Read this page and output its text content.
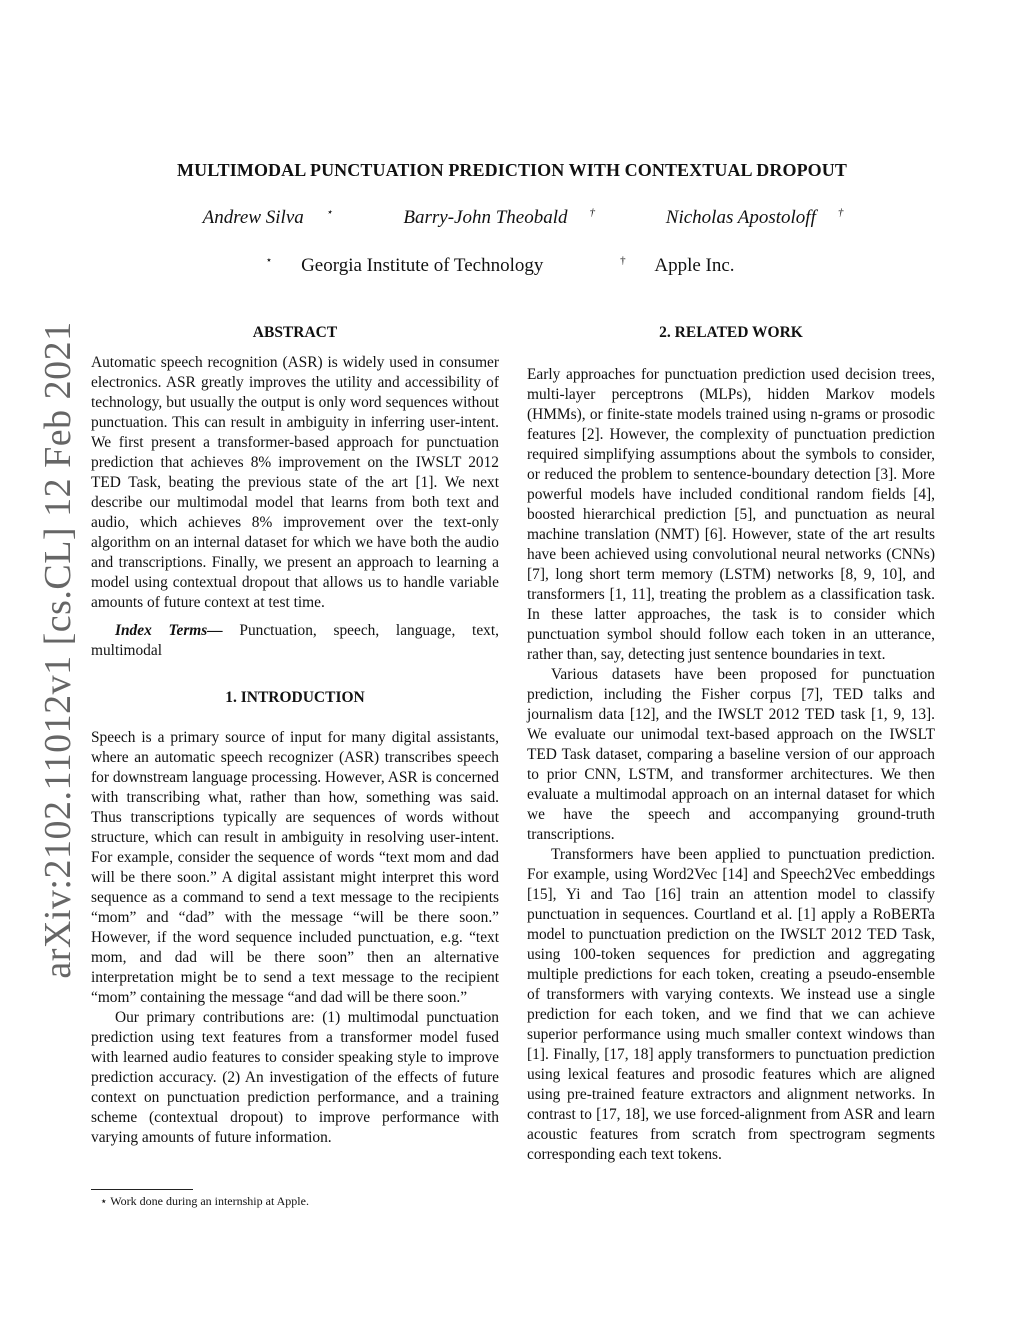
arXiv:2102.11012v1 [cs.CL] 12 Feb 2021
MULTIMODAL PUNCTUATION PREDICTION WITH CONTEXTUAL DROPOUT
Andrew Silva ⋆	Barry-John Theobald †	Nicholas Apostoloff †
⋆ Georgia Institute of Technology	† Apple Inc.

ABSTRACT

Automatic speech recognition (ASR) is widely used in consumer electronics. ASR greatly improves the utility and accessibility of technology, but usually the output is only word sequences without punctuation. This can result in ambiguity in inferring user-intent. We first present a transformer-based approach for punctuation prediction that achieves 8% improvement on the IWSLT 2012 TED Task, beating the previous state of the art [1]. We next describe our multimodal model that learns from both text and audio, which achieves 8% improvement over the text-only algorithm on an internal dataset for which we have both the audio and transcriptions. Finally, we present an approach to learning a model using contextual dropout that allows us to handle variable amounts of future context at test time.

Index Terms— Punctuation, speech, language, text, multimodal

1. INTRODUCTION

Speech is a primary source of input for many digital assistants, where an automatic speech recognizer (ASR) transcribes speech for downstream language processing. However, ASR is concerned with transcribing what, rather than how, something was said. Thus transcriptions typically are sequences of words without structure, which can result in ambiguity in resolving user-intent. For example, consider the sequence of words “text mom and dad will be there soon.” A digital assistant might interpret this word sequence as a command to send a text message to the recipients “mom” and “dad” with the message “will be there soon.” However, if the word sequence included punctuation, e.g. “text mom, and dad will be there soon” then an alternative interpretation might be to send a text message to the recipient “mom” containing the message “and dad will be there soon.”

Our primary contributions are: (1) multimodal punctuation prediction using text features from a transformer model fused with learned audio features to consider speaking style to improve prediction accuracy. (2) An investigation of the effects of future context on punctuation prediction performance, and a training scheme (contextual dropout) to improve performance with varying amounts of future information.

⋆ Work done during an internship at Apple.

2. RELATED WORK

Early approaches for punctuation prediction used decision trees, multi-layer perceptrons (MLPs), hidden Markov models (HMMs), or finite-state models trained using n-grams or prosodic features [2]. However, the complexity of punctuation prediction required simplifying assumptions about the symbols to consider, or reduced the problem to sentence-boundary detection [3]. More powerful models have included conditional random fields [4], boosted hierarchical prediction [5], and punctuation as neural machine translation (NMT) [6]. However, state of the art results have been achieved using convolutional neural networks (CNNs) [7], long short term memory (LSTM) networks [8, 9, 10], and transformers [1, 11], treating the problem as a classification task. In these latter approaches, the task is to consider which punctuation symbol should follow each token in an utterance, rather than, say, detecting just sentence boundaries in text.

Various datasets have been proposed for punctuation prediction, including the Fisher corpus [7], TED talks and journalism data [12], and the IWSLT 2012 TED task [1, 9, 13]. We evaluate our unimodal text-based approach on the IWSLT TED Task dataset, comparing a baseline version of our approach to prior CNN, LSTM, and transformer architectures. We then evaluate a multimodal approach on an internal dataset for which we have the speech and accompanying ground-truth transcriptions.

Transformers have been applied to punctuation prediction. For example, using Word2Vec [14] and Speech2Vec embeddings [15], Yi and Tao [16] train an attention model to classify punctuation in sequences. Courtland et al. [1] apply a RoBERTa model to punctuation prediction on the IWSLT 2012 TED Task, using 100-token sequences for prediction and aggregating multiple predictions for each token, creating a pseudo-ensemble of transformers with varying contexts. We instead use a single prediction for each token, and we find that we can achieve superior performance using much smaller context windows than [1]. Finally, [17, 18] apply transformers to punctuation prediction using lexical features and prosodic features which are aligned using pre-trained feature extractors and alignment networks. In contrast to [17, 18], we use forced-alignment from ASR and learn acoustic features from scratch from spectrogram segments corresponding each text tokens.
